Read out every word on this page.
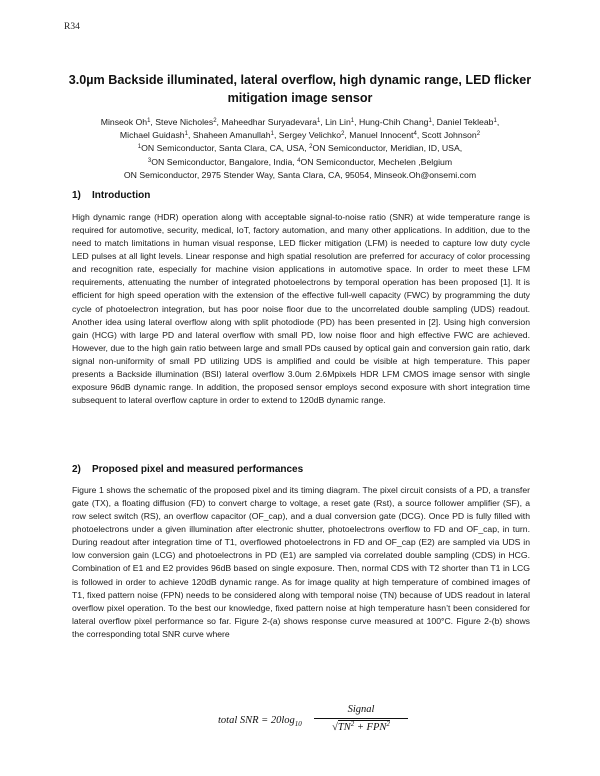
R34
3.0µm Backside illuminated, lateral overflow, high dynamic range, LED flicker mitigation image sensor
Minseok Oh$^1$, Steve Nicholes$^2$, Maheedhar Suryadevara$^1$, Lin Lin$^1$, Hung-Chih Chang$^1$, Daniel Tekleab$^1$,
Michael Guidash$^1$, Shaheen Amanullah$^1$, Sergey Velichko$^2$, Manuel Innocent$^4$, Scott Johnson$^2$
$^1$ON Semiconductor, Santa Clara, CA, USA, $^2$ON Semiconductor, Meridian, ID, USA,
$^3$ON Semiconductor, Bangalore, India, $^4$ON Semiconductor, Mechelen ,Belgium
ON Semiconductor, 2975 Stender Way, Santa Clara, CA, 95054, Minseok.Oh@onsemi.com
1) Introduction
High dynamic range (HDR) operation along with acceptable signal-to-noise ratio (SNR) at wide temperature range is required for automotive, security, medical, IoT, factory automation, and many other applications. In addition, due to the need to match limitations in human visual response, LED flicker mitigation (LFM) is needed to capture low duty cycle LED pulses at all light levels. Linear response and high spatial resolution are preferred for accuracy of color processing and recognition rate, especially for machine vision applications in automotive space. In order to meet these LFM requirements, attenuating the number of integrated photoelectrons by temporal operation has been proposed [1]. It is efficient for high speed operation with the extension of the effective full-well capacity (FWC) by programming the duty cycle of photoelectron integration, but has poor noise floor due to the uncorrelated double sampling (UDS) readout. Another idea using lateral overflow along with split photodiode (PD) has been presented in [2]. Using high conversion gain (HCG) with large PD and lateral overflow with small PD, low noise floor and high effective FWC are achieved. However, due to the high gain ratio between large and small PDs caused by optical gain and conversion gain ratio, dark signal non-uniformity of small PD utilizing UDS is amplified and could be visible at high temperature. This paper presents a Backside illumination (BSI) lateral overflow 3.0um 2.6Mpixels HDR LFM CMOS image sensor with single exposure 96dB dynamic range. In addition, the proposed sensor employs second exposure with short integration time subsequent to lateral overflow capture in order to extend to 120dB dynamic range.
2) Proposed pixel and measured performances
Figure 1 shows the schematic of the proposed pixel and its timing diagram. The pixel circuit consists of a PD, a transfer gate (TX), a floating diffusion (FD) to convert charge to voltage, a reset gate (Rst), a source follower amplifier (SF), a row select switch (RS), an overflow capacitor (OF_cap), and a dual conversion gate (DCG). Once PD is fully filled with photoelectrons under a given illumination after electronic shutter, photoelectrons overflow to FD and OF_cap, in turn. During readout after integration time of T1, overflowed photoelectrons in FD and OF_cap (E2) are sampled via UDS in low conversion gain (LCG) and photoelectrons in PD (E1) are sampled via correlated double sampling (CDS) in HCG. Combination of E1 and E2 provides 96dB based on single exposure. Then, normal CDS with T2 shorter than T1 in LCG is followed in order to achieve 120dB dynamic range. As for image quality at high temperature of combined images of T1, fixed pattern noise (FPN) needs to be considered along with temporal noise (TN) because of UDS readout in lateral overflow pixel operation. To the best our knowledge, fixed pattern noise at high temperature hasn’t been considered for lateral overflow pixel performance so far. Figure 2-(a) shows response curve measured at 100°C. Figure 2-(b) shows the corresponding total SNR curve where
total SNR = $20\log_{10}$
Signal
$√TN^2 + FPN^2$
